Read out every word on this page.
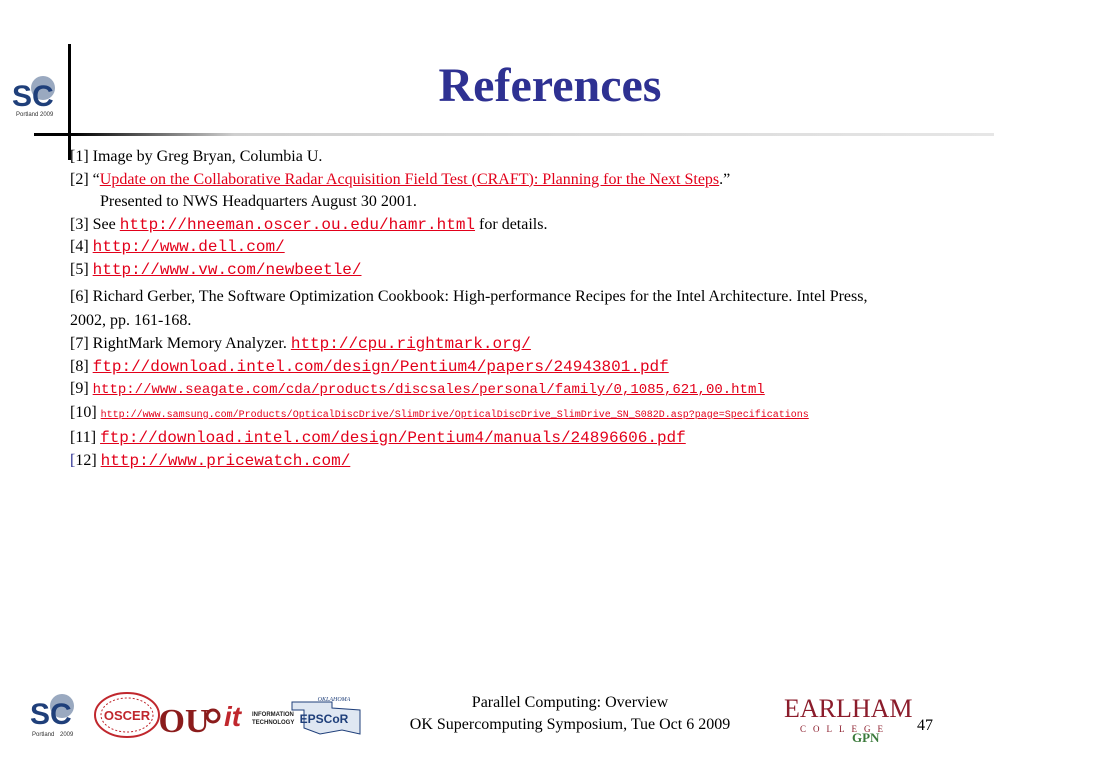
SC
Portland 2009
References
[1] Image by Greg Bryan, Columbia U.
[2] “Update on the Collaborative Radar Acquisition Field Test (CRAFT): Planning for the Next Steps.”
Presented to NWS Headquarters August 30 2001.
[3] See http://hneeman.oscer.ou.edu/hamr.html for details.
[4] http://www.dell.com/
[5] http://www.vw.com/newbeetle/
[6] Richard Gerber, The Software Optimization Cookbook: High-performance Recipes for the Intel Architecture. Intel Press, 2002, pp. 161-168.
[7] RightMark Memory Analyzer. http://cpu.rightmark.org/
[8] ftp://download.intel.com/design/Pentium4/papers/24943801.pdf
[9] http://www.seagate.com/cda/products/discsales/personal/family/0,1085,621,00.html
[10] http://www.samsung.com/Products/OpticalDiscDrive/SlimDrive/OpticalDiscDrive_SlimDrive_SN_S082D.asp?page=Specifications
[11] ftp://download.intel.com/design/Pentium4/manuals/24896606.pdf
[12] http://www.pricewatch.com/
SC
Portland 2009
OSCER OU it INFORMATION
TECHNOLOGY
OKLAHOMA
EPSCoR
Parallel Computing: Overview
OK Supercomputing Symposium, Tue Oct 6 2009
EARLHAM
COLLEGE
GPN
47
